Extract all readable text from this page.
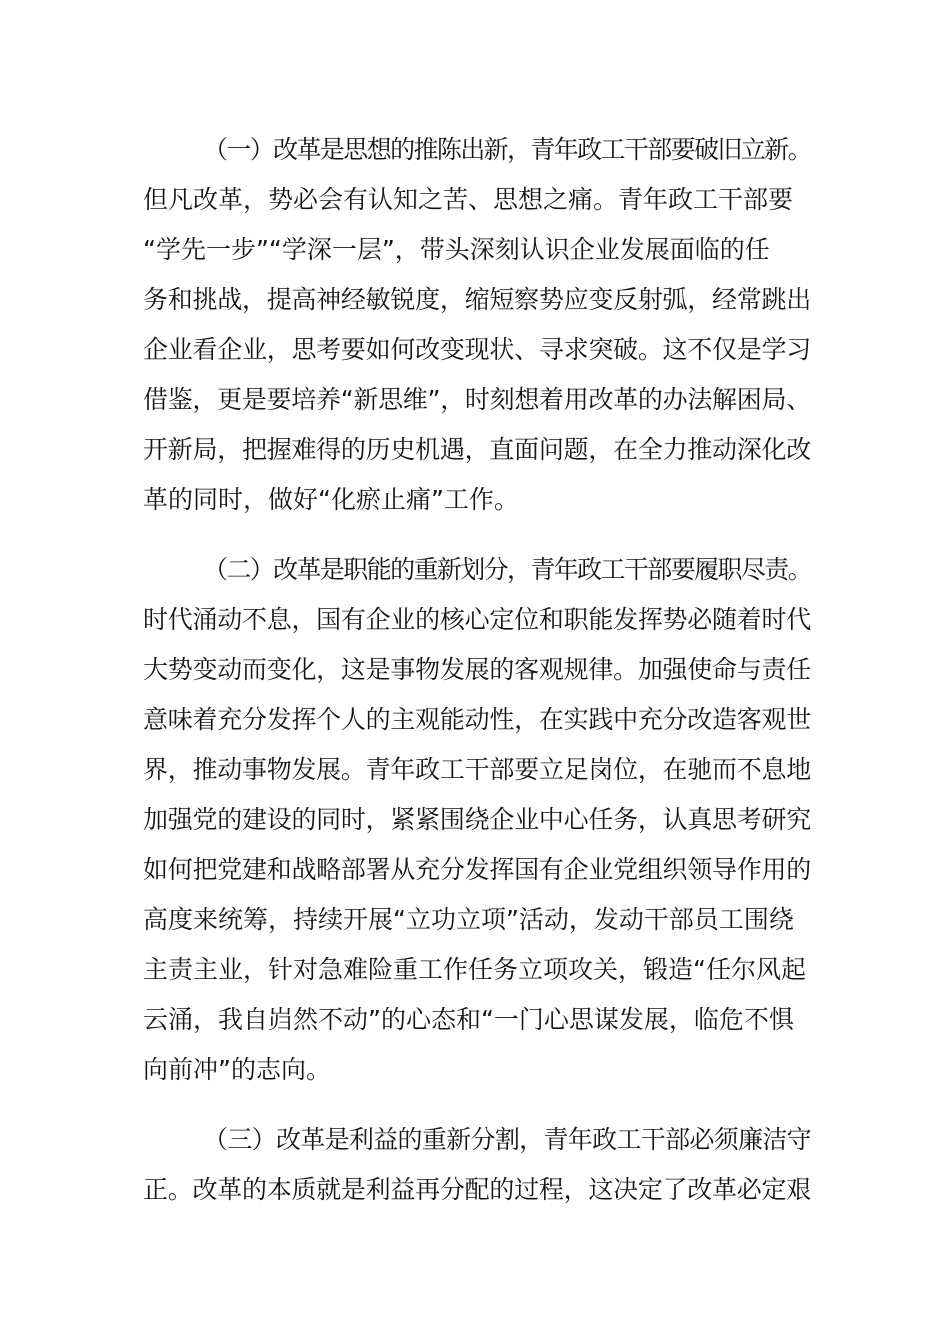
（一）改革是思想的推陈出新，青年政工干部要破旧立新。
但凡改革，势必会有认知之苦、思想之痛。青年政工干部要
“学先一步”“学深一层”，带头深刻认识企业发展面临的任
务和挑战，提高神经敏锐度，缩短察势应变反射弧，经常跳出
企业看企业，思考要如何改变现状、寻求突破。这不仅是学习
借鉴，更是要培养“新思维”，时刻想着用改革的办法解困局、
开新局，把握难得的历史机遇，直面问题，在全力推动深化改
革的同时，做好“化瘀止痛”工作。
（二）改革是职能的重新划分，青年政工干部要履职尽责。
时代涌动不息，国有企业的核心定位和职能发挥势必随着时代
大势变动而变化，这是事物发展的客观规律。加强使命与责任
意味着充分发挥个人的主观能动性，在实践中充分改造客观世
界，推动事物发展。青年政工干部要立足岗位，在驰而不息地
加强党的建设的同时，紧紧围绕企业中心任务，认真思考研究
如何把党建和战略部署从充分发挥国有企业党组织领导作用的
高度来统筹，持续开展“立功立项”活动，发动干部员工围绕
主责主业，针对急难险重工作任务立项攻关，锻造“任尔风起
云涌，我自岿然不动”的心态和“一门心思谋发展，临危不惧
向前冲”的志向。
（三）改革是利益的重新分割，青年政工干部必须廉洁守
正。改革的本质就是利益再分配的过程，这决定了改革必定艰
